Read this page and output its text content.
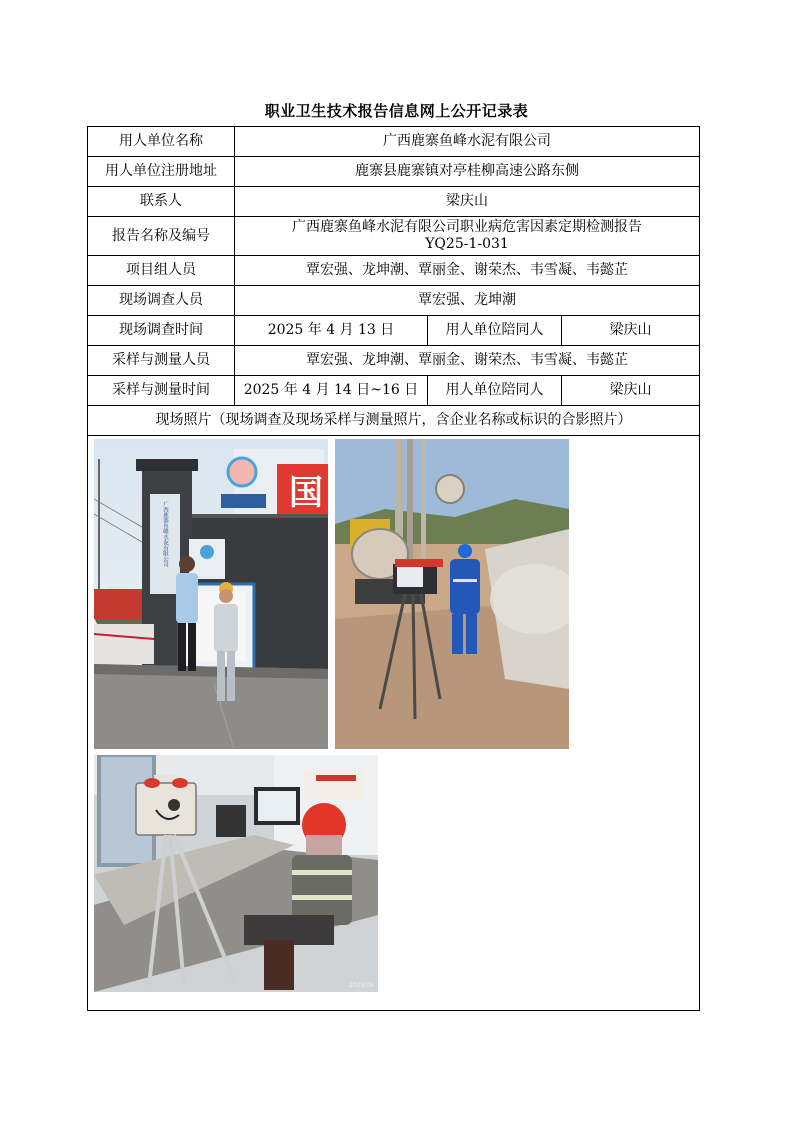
职业卫生技术报告信息网上公开记录表
用人单位名称	广西鹿寨鱼峰水泥有限公司		
用人单位注册地址	鹿寨县鹿寨镇对亭桂柳高速公路东侧		
联系人	梁庆山		
报告名称及编号	广西鹿寨鱼峰水泥有限公司职业病危害因素定期检测报告
YQ25-1-031		

项目组人员	覃宏强、龙坤潮、覃丽金、谢荣杰、韦雪凝、韦懿芷		
现场调查人员	覃宏强、龙坤潮		
现场调查时间	2025 年 4 月 13 日	用人单位陪同人	梁庆山
采样与测量人员	覃宏强、龙坤潮、覃丽金、谢荣杰、韦雪凝、韦懿芷		
采样与测量时间	2025 年 4 月 14 日~16 日	用人单位陪同人	梁庆山
现场照片（现场调查及现场采样与测量照片，含企业名称或标识的合影照片）			

国
广西鹿寨鱼峰水泥有限公司
2025/04			
